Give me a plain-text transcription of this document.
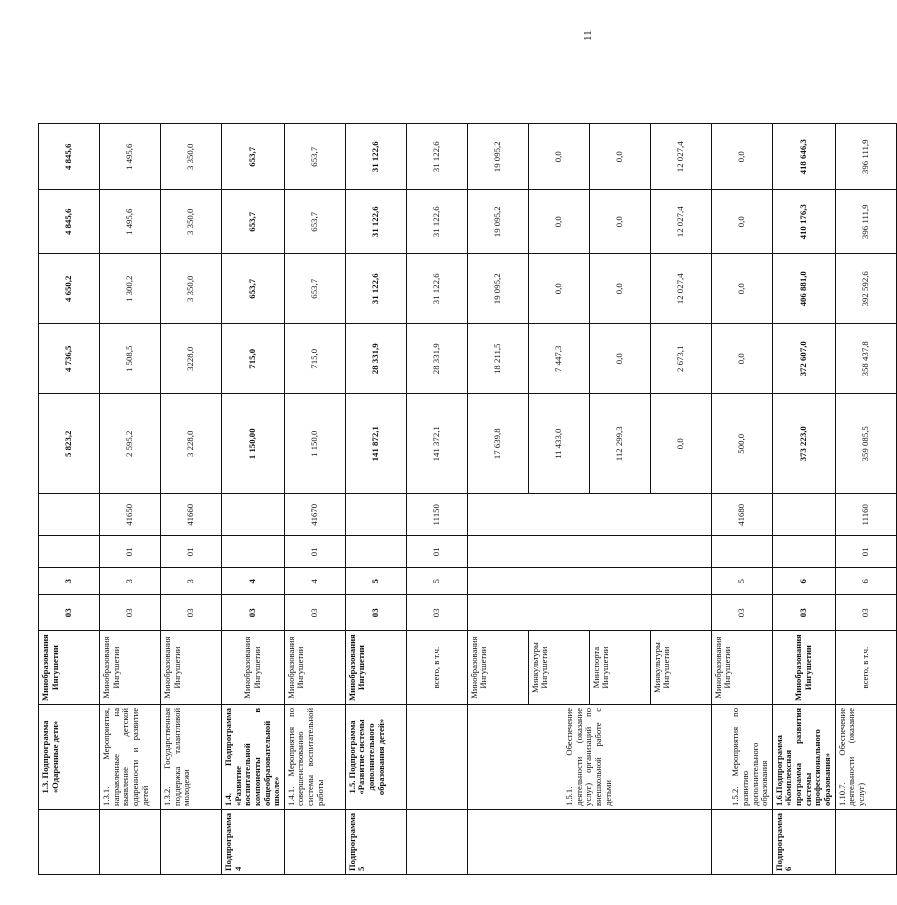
	1.3. Подпрограмма «Одаренные дети»	Минобразования Ингушетии	03	3			5 823,2	4 736,5	4 650,2	4 845,6	4 845,6
	1.3.1. Мероприятия, направленные на выявление детской одаренности и развитие детей	Минобразования Ингушетии	03	3	01	41650	2 595,2	1 508,5	1 300,2	1 495,6	1 495,6
	1.3.2. Государственная поддержка талантливой молодежи	Минобразования Ингушетии	03	3	01	41660	3 228,0	3228,0	3 350,0	3 350,0	3 350,0
Подпрограмма 4	1.4. Подпрограмма «Развитие воспитательной компоненты в общеобразовательной школе»	Минобразования Ингушетии	03	4			1 150,00	715,0	653,7	653,7	653,7
	1.4.1. Мероприятия по совершенствованию системы воспитательной работы	Минобразования Ингушетии	03	4	01	41670	1 150,0	715,0	653,7	653,7	653,7
Подпрограмма 5	1.5. Подпрограмма «Развитие системы дополнительного образования детей»	Минобразования Ингушетии	03	5			141 872,1	28 331,9	31 122,6	31 122,6	31 122,6
		всего, в т.ч.	03	5	01	11150	141 372,1	28 331,9	31 122,6	31 122,6	31 122,6
	1.5.1. Обеспечение деятельности (оказание услуг) организаций по внешкольной работе с детьми	Минобразования Ингушетии					17 639,8	18 211,5	19 095,2	19 095,2	19 095,2
		Минкультуры Ингушетии					11 433,0	7 447,3	0,0	0,0	0,0
		Минспорта Ингушетии					112 299,3	0,0	0,0	0,0	0,0
		Минкультуры Ингушетии					0,0	2 673,1	12 027,4	12 027,4	12 027,4
	1.5.2. Мероприятия по развитию дополнительного образования	Минобразования Ингушетии	03	5		41680	500,0	0,0	0,0	0,0	0,0
Подпрограмма 6	1.6.Подпрограмма «Комплексная программа развития системы профессионального образования»	Минобразования Ингушетии	03	6			373 223,0	372 607,0	406 881,0	410 176,3	418 646,3
	1.10.7. Обеспечение деятельности (оказание услуг)	всего, в т.ч.	03	6	01	11160	359 085,5	358 437,8	392 592,6	396 111,9	396 111,9
11
